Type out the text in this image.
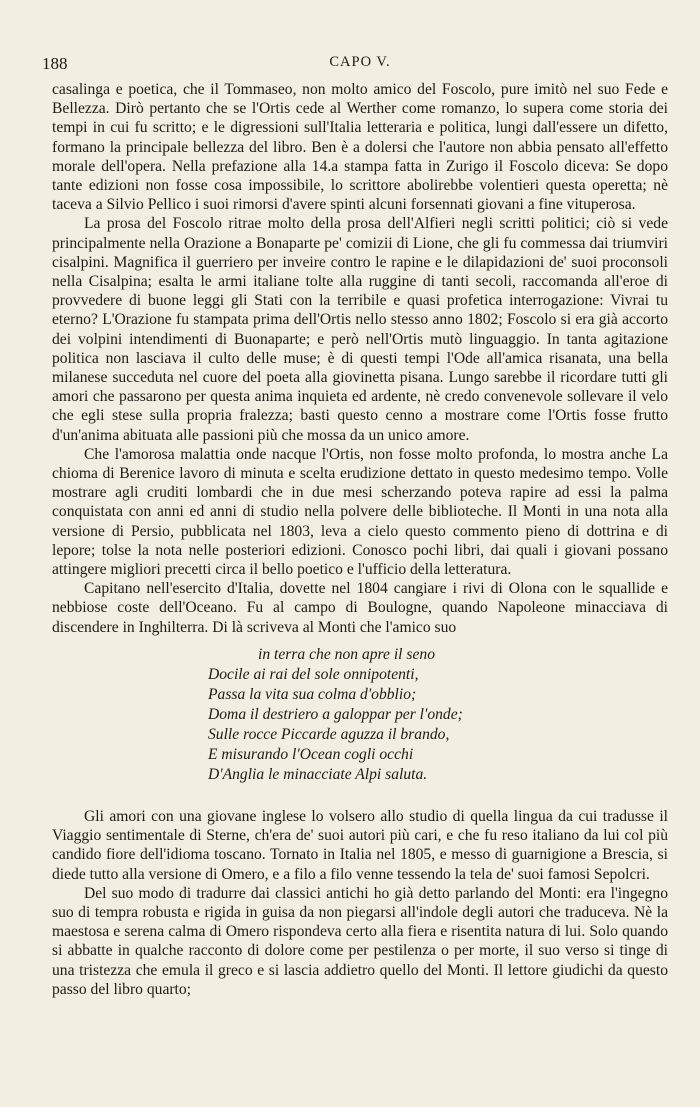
188	CAPO V.

casalinga e poetica, che il Tommaseo, non molto amico del Foscolo, pure imitò nel suo Fede e Bellezza. Dirò pertanto che se l'Ortis cede al Werther come romanzo, lo supera come storia dei tempi in cui fu scritto; e le digressioni sull'Italia letteraria e politica, lungi dall'essere un difetto, formano la principale bellezza del libro. Ben è a dolersi che l'autore non abbia pensato all'effetto morale dell'opera. Nella prefazione alla 14.a stampa fatta in Zurigo il Foscolo diceva: Se dopo tante edizioni non fosse cosa impossibile, lo scrittore abolirebbe volentieri questa operetta; nè taceva a Silvio Pellico i suoi rimorsi d'avere spinti alcuni forsennati giovani a fine vituperosa.

La prosa del Foscolo ritrae molto della prosa dell'Alfieri negli scritti politici; ciò si vede principalmente nella Orazione a Bonaparte pe' comizii di Lione, che gli fu commessa dai triumviri cisalpini. Magnifica il guerriero per inveire contro le rapine e le dilapidazioni de' suoi proconsoli nella Cisalpina; esalta le armi italiane tolte alla ruggine di tanti secoli, raccomanda all'eroe di provvedere di buone leggi gli Stati con la terribile e quasi profetica interrogazione: Vivrai tu eterno? L'Orazione fu stampata prima dell'Ortis nello stesso anno 1802; Foscolo si era già accorto dei volpini intendimenti di Buonaparte; e però nell'Ortis mutò linguaggio. In tanta agitazione politica non lasciava il culto delle muse; è di questi tempi l'Ode all'amica risanata, una bella milanese succeduta nel cuore del poeta alla giovinetta pisana. Lungo sarebbe il ricordare tutti gli amori che passarono per questa anima inquieta ed ardente, nè credo convenevole sollevare il velo che egli stese sulla propria fralezza; basti questo cenno a mostrare come l'Ortis fosse frutto d'un'anima abituata alle passioni più che mossa da un unico amore.

Che l'amorosa malattia onde nacque l'Ortis, non fosse molto profonda, lo mostra anche La chioma di Berenice lavoro di minuta e scelta erudizione dettato in questo medesimo tempo. Volle mostrare agli cruditi lombardi che in due mesi scherzando poteva rapire ad essi la palma conquistata con anni ed anni di studio nella polvere delle biblioteche. Il Monti in una nota alla versione di Persio, pubblicata nel 1803, leva a cielo questo commento pieno di dottrina e di lepore; tolse la nota nelle posteriori edizioni. Conosco pochi libri, dai quali i giovani possano attingere migliori precetti circa il bello poetico e l'ufficio della letteratura.

Capitano nell'esercito d'Italia, dovette nel 1804 cangiare i rivi di Olona con le squallide e nebbiose coste dell'Oceano. Fu al campo di Boulogne, quando Napoleone minacciava di discendere in Inghilterra. Di là scriveva al Monti che l'amico suo

in terra che non apre il seno
Docile ai rai del sole onnipotenti,
Passa la vita sua colma d'obblio;
Doma il destriero a galoppar per l'onde;
Sulle rocce Piccarde aguzza il brando,
E misurando l'Ocean cogli occhi
D'Anglia le minacciate Alpi saluta.

Gli amori con una giovane inglese lo volsero allo studio di quella lingua da cui tradusse il Viaggio sentimentale di Sterne, ch'era de' suoi autori più cari, e che fu reso italiano da lui col più candido fiore dell'idioma toscano. Tornato in Italia nel 1805, e messo di guarnigione a Brescia, si diede tutto alla versione di Omero, e a filo a filo venne tessendo la tela de' suoi famosi Sepolcri.

Del suo modo di tradurre dai classici antichi ho già detto parlando del Monti: era l'ingegno suo di tempra robusta e rigida in guisa da non piegarsi all'indole degli autori che traduceva. Nè la maestosa e serena calma di Omero rispondeva certo alla fiera e risentita natura di lui. Solo quando si abbatte in qualche racconto di dolore come per pestilenza o per morte, il suo verso si tinge di una tristezza che emula il greco e si lascia addietro quello del Monti. Il lettore giudichi da questo passo del libro quarto;
